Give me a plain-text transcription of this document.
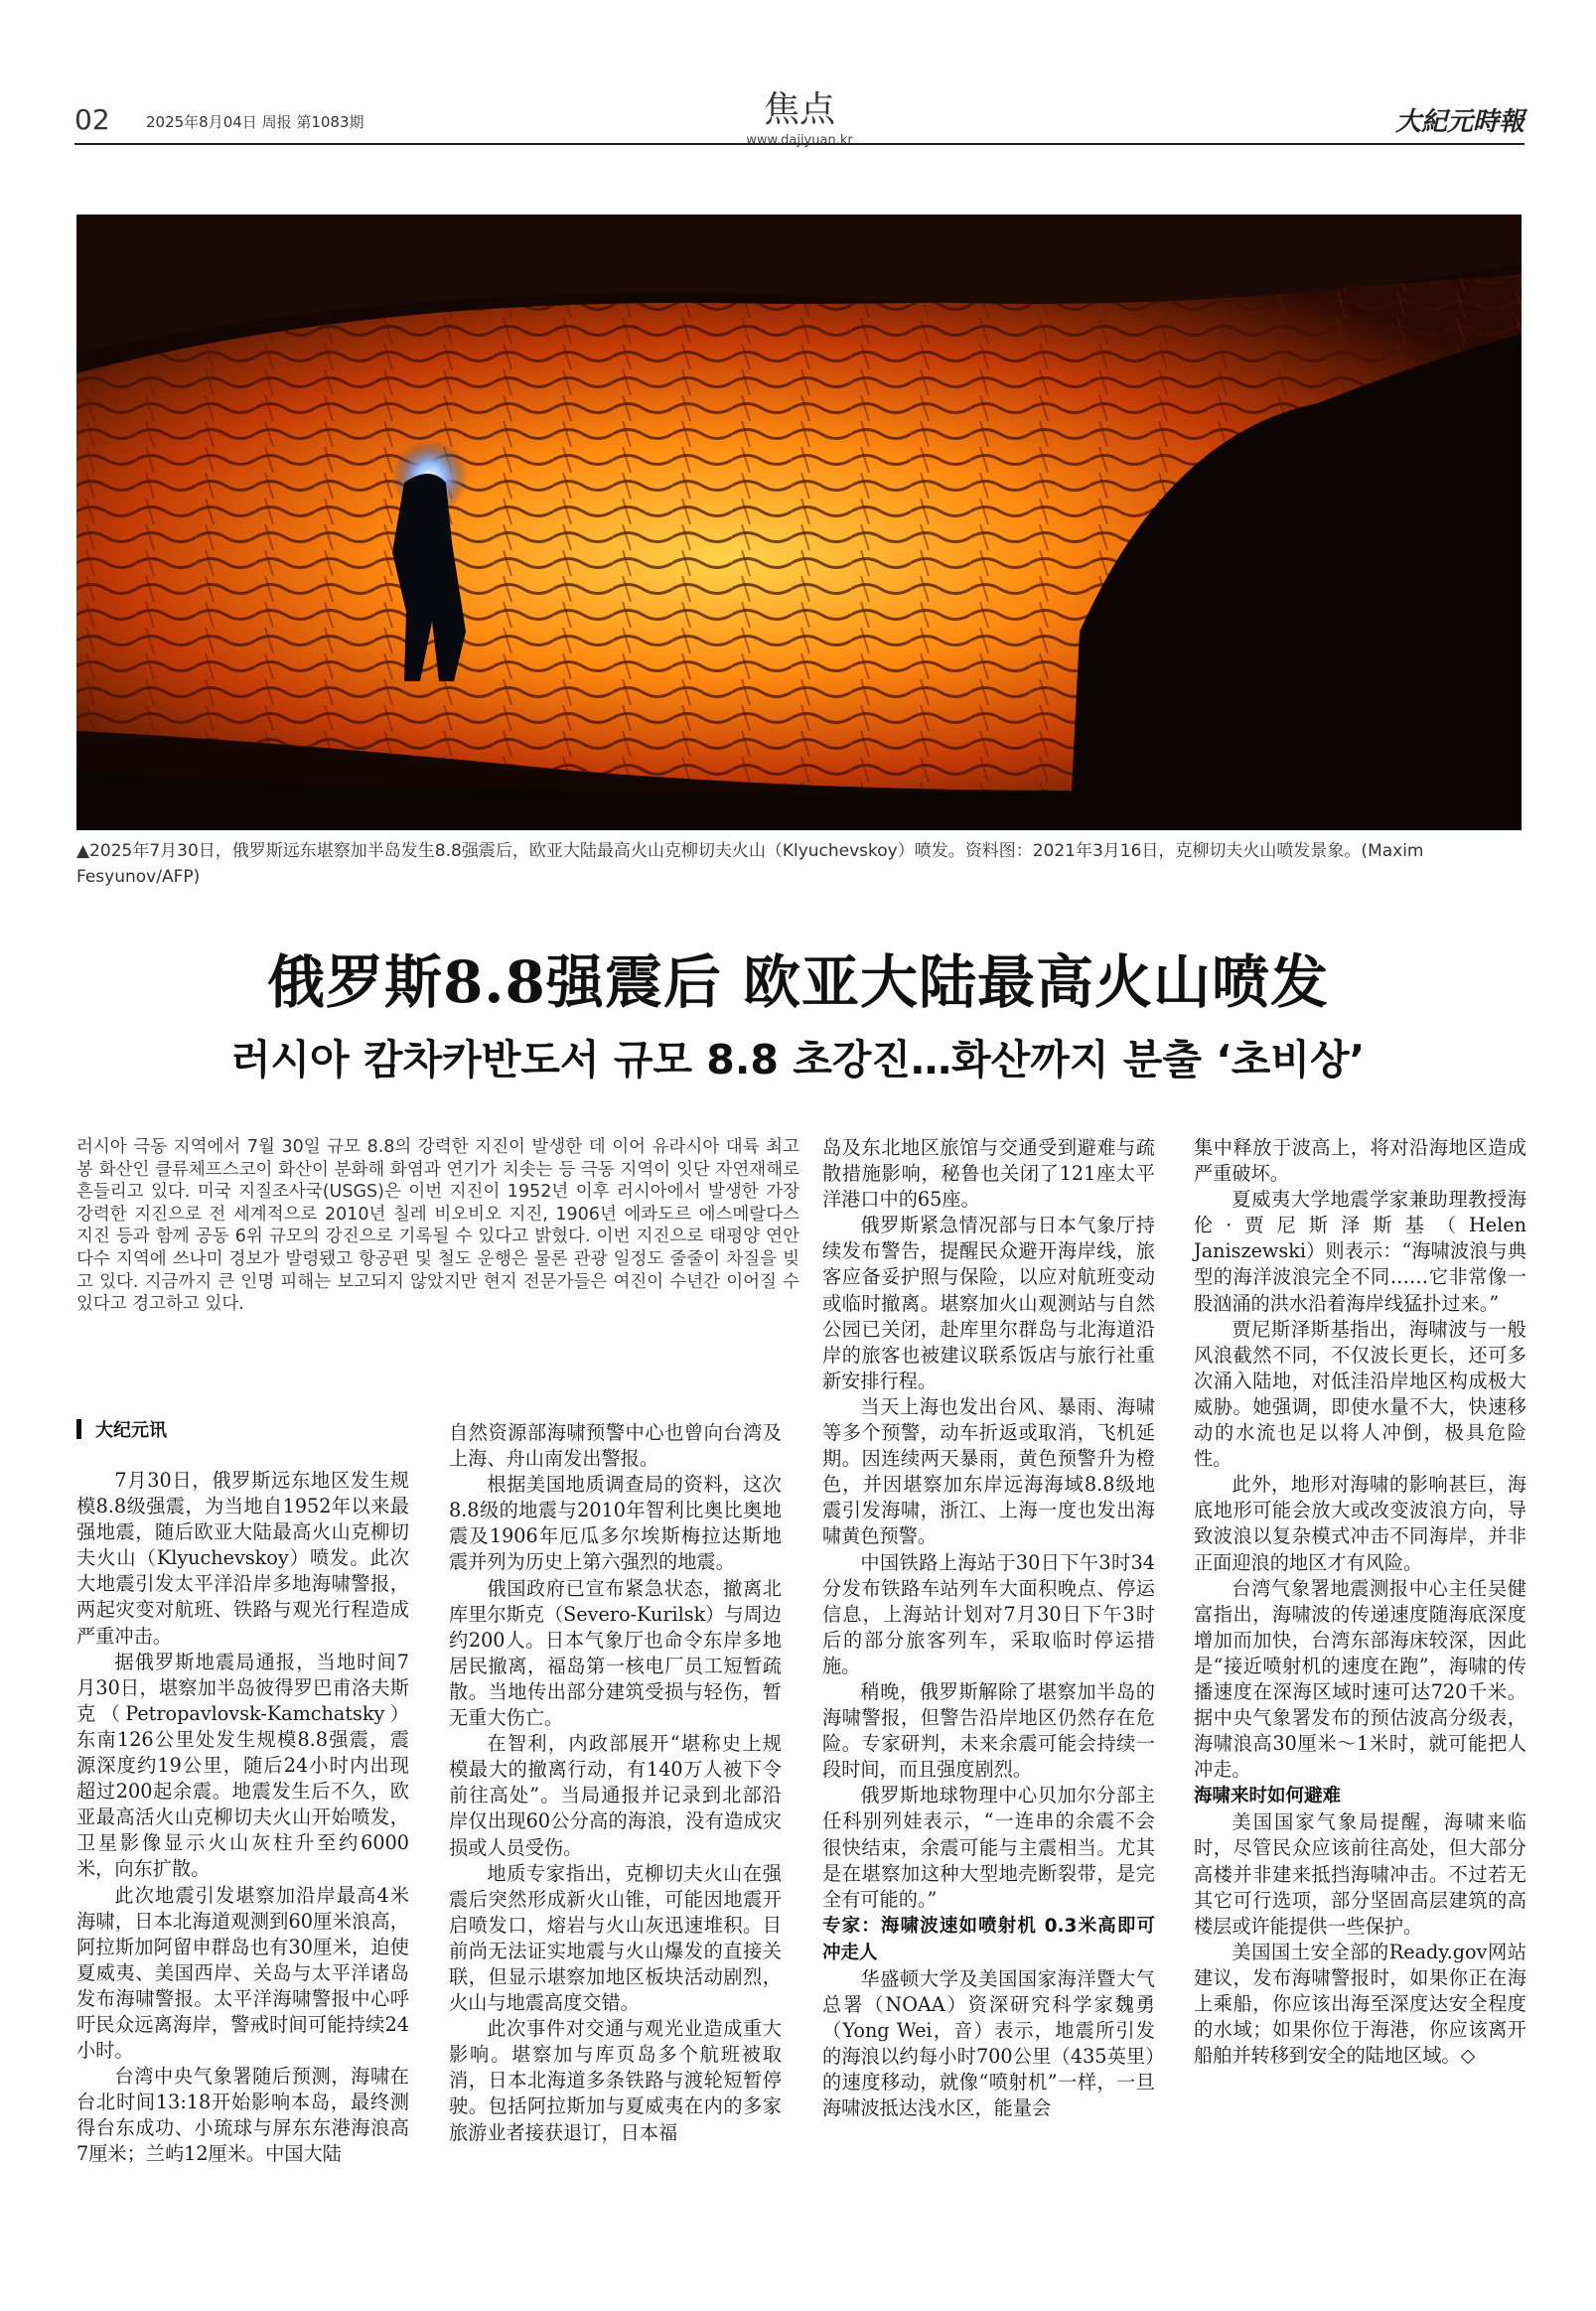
02 2025年8月04日 周报 第1083期	焦点
www.dajiyuan.kr
大紀元時報
▲2025年7月30日，俄罗斯远东堪察加半岛发生8.8强震后，欧亚大陆最高火山克柳切夫火山（Klyuchevskoy）喷发。资料图：2021年3月16日，克柳切夫火山喷发景象。(Maxim Fesyunov/AFP)
俄罗斯8.8强震后 欧亚大陆最高火山喷发
러시아 캄차카반도서 규모 8.8 초강진…화산까지 분출 ‘초비상’
러시아 극동 지역에서 7월 30일 규모 8.8의 강력한 지진이 발생한 데 이어 유라시아 대륙 최고봉 화산인 클류체프스코이 화산이 분화해 화염과 연기가 치솟는 등 극동 지역이 잇단 자연재해로 흔들리고 있다. 미국 지질조사국(USGS)은 이번 지진이 1952년 이후 러시아에서 발생한 가장 강력한 지진으로 전 세계적으로 2010년 칠레 비오비오 지진, 1906년 에콰도르 에스메랄다스 지진 등과 함께 공동 6위 규모의 강진으로 기록될 수 있다고 밝혔다. 이번 지진으로 태평양 연안 다수 지역에 쓰나미 경보가 발령됐고 항공편 및 철도 운행은 물론 관광 일정도 줄줄이 차질을 빚고 있다. 지금까지 큰 인명 피해는 보고되지 않았지만 현지 전문가들은 여진이 수년간 이어질 수 있다고 경고하고 있다.
大纪元讯

7月30日，俄罗斯远东地区发生规模8.8级强震，为当地自1952年以来最强地震，随后欧亚大陆最高火山克柳切夫火山（Klyuchevskoy）喷发。此次大地震引发太平洋沿岸多地海啸警报，两起灾变对航班、铁路与观光行程造成严重冲击。

据俄罗斯地震局通报，当地时间7月30日，堪察加半岛彼得罗巴甫洛夫斯克（Petropavlovsk-Kamchatsky）东南126公里处发生规模8.8强震，震源深度约19公里，随后24小时内出现超过200起余震。地震发生后不久，欧亚最高活火山克柳切夫火山开始喷发，卫星影像显示火山灰柱升至约6000米，向东扩散。

此次地震引发堪察加沿岸最高4米海啸，日本北海道观测到60厘米浪高，阿拉斯加阿留申群岛也有30厘米，迫使夏威夷、美国西岸、关岛与太平洋诸岛发布海啸警报。太平洋海啸警报中心呼吁民众远离海岸，警戒时间可能持续24小时。

台湾中央气象署随后预测，海啸在台北时间13:18开始影响本岛，最终测得台东成功、小琉球与屏东东港海浪高7厘米；兰屿12厘米。中国大陆

自然资源部海啸预警中心也曾向台湾及上海、舟山南发出警报。

根据美国地质调查局的资料，这次8.8级的地震与2010年智利比奥比奥地震及1906年厄瓜多尔埃斯梅拉达斯地震并列为历史上第六强烈的地震。

俄国政府已宣布紧急状态，撤离北库里尔斯克（Severo-Kurilsk）与周边约200人。日本气象厅也命令东岸多地居民撤离，福岛第一核电厂员工短暂疏散。当地传出部分建筑受损与轻伤，暂无重大伤亡。

在智利，内政部展开“堪称史上规模最大的撤离行动，有140万人被下令前往高处”。当局通报并记录到北部沿岸仅出现60公分高的海浪，没有造成灾损或人员受伤。

地质专家指出，克柳切夫火山在强震后突然形成新火山锥，可能因地震开启喷发口，熔岩与火山灰迅速堆积。目前尚无法证实地震与火山爆发的直接关联，但显示堪察加地区板块活动剧烈，火山与地震高度交错。

此次事件对交通与观光业造成重大影响。堪察加与库页岛多个航班被取消，日本北海道多条铁路与渡轮短暂停驶。包括阿拉斯加与夏威夷在内的多家旅游业者接获退订，日本福

岛及东北地区旅馆与交通受到避难与疏散措施影响，秘鲁也关闭了121座太平洋港口中的65座。

俄罗斯紧急情况部与日本气象厅持续发布警告，提醒民众避开海岸线，旅客应备妥护照与保险，以应对航班变动或临时撤离。堪察加火山观测站与自然公园已关闭，赴库里尔群岛与北海道沿岸的旅客也被建议联系饭店与旅行社重新安排行程。

当天上海也发出台风、暴雨、海啸等多个预警，动车折返或取消，飞机延期。因连续两天暴雨，黄色预警升为橙色，并因堪察加东岸远海海域8.8级地震引发海啸，浙江、上海一度也发出海啸黄色预警。

中国铁路上海站于30日下午3时34分发布铁路车站列车大面积晚点、停运信息，上海站计划对7月30日下午3时后的部分旅客列车，采取临时停运措施。

稍晚，俄罗斯解除了堪察加半岛的海啸警报，但警告沿岸地区仍然存在危险。专家研判，未来余震可能会持续一段时间，而且强度剧烈。

俄罗斯地球物理中心贝加尔分部主任科别列娃表示，“一连串的余震不会很快结束，余震可能与主震相当。尤其是在堪察加这种大型地壳断裂带，是完全有可能的。”

专家：海啸波速如喷射机 0.3米高即可冲走人

华盛顿大学及美国国家海洋暨大气总署（NOAA）资深研究科学家魏勇（Yong Wei，音）表示，地震所引发的海浪以约每小时700公里（435英里）的速度移动，就像“喷射机”一样，一旦海啸波抵达浅水区，能量会

集中释放于波高上，将对沿海地区造成严重破坏。

夏威夷大学地震学家兼助理教授海伦·贾尼斯泽斯基（Helen Janiszewski）则表示：“海啸波浪与典型的海洋波浪完全不同……它非常像一股汹涌的洪水沿着海岸线猛扑过来。”

贾尼斯泽斯基指出，海啸波与一般风浪截然不同，不仅波长更长，还可多次涌入陆地，对低洼沿岸地区构成极大威胁。她强调，即使水量不大，快速移动的水流也足以将人冲倒，极具危险性。

此外，地形对海啸的影响甚巨，海底地形可能会放大或改变波浪方向，导致波浪以复杂模式冲击不同海岸，并非正面迎浪的地区才有风险。

台湾气象署地震测报中心主任吴健富指出，海啸波的传递速度随海底深度增加而加快，台湾东部海床较深，因此是“接近喷射机的速度在跑”，海啸的传播速度在深海区域时速可达720千米。据中央气象署发布的预估波高分级表，海啸浪高30厘米～1米时，就可能把人冲走。

海啸来时如何避难

美国国家气象局提醒，海啸来临时，尽管民众应该前往高处，但大部分高楼并非建来抵挡海啸冲击。不过若无其它可行选项，部分坚固高层建筑的高楼层或许能提供一些保护。

美国国土安全部的Ready.gov网站建议，发布海啸警报时，如果你正在海上乘船，你应该出海至深度达安全程度的水域；如果你位于海港，你应该离开船舶并转移到安全的陆地区域。◇
